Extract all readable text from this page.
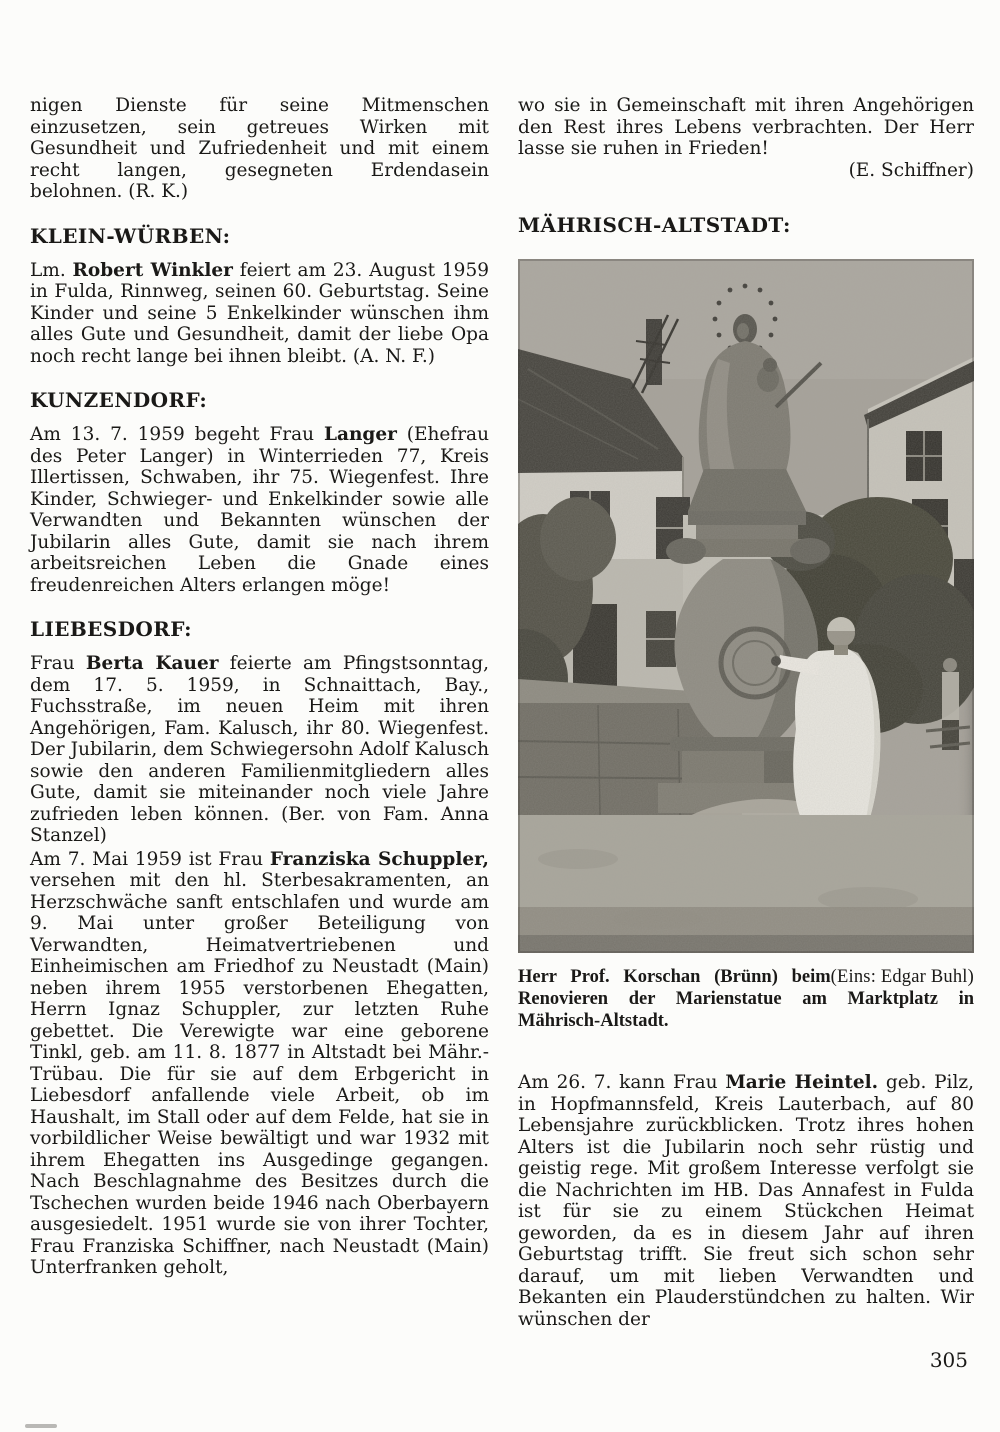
nigen Dienste für seine Mitmenschen einzusetzen, sein getreues Wirken mit Gesundheit und Zufriedenheit und mit einem recht langen, gesegneten Erdendasein belohnen. (R. K.)

KLEIN-WÜRBEN:

Lm. Robert Winkler feiert am 23. August 1959 in Fulda, Rinnweg, seinen 60. Geburtstag. Seine Kinder und seine 5 Enkelkinder wünschen ihm alles Gute und Gesundheit, damit der liebe Opa noch recht lange bei ihnen bleibt. (A. N. F.)

KUNZENDORF:

Am 13. 7. 1959 begeht Frau Langer (Ehefrau des Peter Langer) in Winterrieden 77, Kreis Illertissen, Schwaben, ihr 75. Wiegenfest. Ihre Kinder, Schwieger- und Enkelkinder sowie alle Verwandten und Bekannten wünschen der Jubilarin alles Gute, damit sie nach ihrem arbeitsreichen Leben die Gnade eines freudenreichen Alters erlangen möge!

LIEBESDORF:

Frau Berta Kauer feierte am Pfingstsonntag, dem 17. 5. 1959, in Schnaittach, Bay., Fuchsstraße, im neuen Heim mit ihren Angehörigen, Fam. Kalusch, ihr 80. Wiegenfest. Der Jubilarin, dem Schwiegersohn Adolf Kalusch sowie den anderen Familienmitgliedern alles Gute, damit sie miteinander noch viele Jahre zufrieden leben können. (Ber. von Fam. Anna Stanzel)

Am 7. Mai 1959 ist Frau Franziska Schuppler, versehen mit den hl. Sterbesakramenten, an Herzschwäche sanft entschlafen und wurde am 9. Mai unter großer Beteiligung von Verwandten, Heimatvertriebenen und Einheimischen am Friedhof zu Neustadt (Main) neben ihrem 1955 verstorbenen Ehegatten, Herrn Ignaz Schuppler, zur letzten Ruhe gebettet. Die Verewigte war eine geborene Tinkl, geb. am 11. 8. 1877 in Altstadt bei Mähr.-Trübau. Die für sie auf dem Erbgericht in Liebesdorf anfallende viele Arbeit, ob im Haushalt, im Stall oder auf dem Felde, hat sie in vorbildlicher Weise bewältigt und war 1932 mit ihrem Ehegatten ins Ausgedinge gegangen. Nach Beschlagnahme des Besitzes durch die Tschechen wurden beide 1946 nach Oberbayern ausgesiedelt. 1951 wurde sie von ihrer Tochter, Frau Franziska Schiffner, nach Neustadt (Main) Unterfranken geholt,

wo sie in Gemeinschaft mit ihren Angehörigen den Rest ihres Lebens verbrachten. Der Herr lasse sie ruhen in Frieden!

(E. Schiffner)
MÄHRISCH-ALTSTADT:

(Eins: Edgar Buhl)
Herr Prof. Korschan (Brünn) beim Renovieren der Marienstatue am Marktplatz in Mährisch-Altstadt.

Am 26. 7. kann Frau Marie Heintel. geb. Pilz, in Hopfmannsfeld, Kreis Lauterbach, auf 80 Lebensjahre zurückblicken. Trotz ihres hohen Alters ist die Jubilarin noch sehr rüstig und geistig rege. Mit großem Interesse verfolgt sie die Nachrichten im HB. Das Annafest in Fulda ist für sie zu einem Stückchen Heimat geworden, da es in diesem Jahr auf ihren Geburtstag trifft. Sie freut sich schon sehr darauf, um mit lieben Verwandten und Bekanten ein Plauderstündchen zu halten. Wir wünschen der

305
